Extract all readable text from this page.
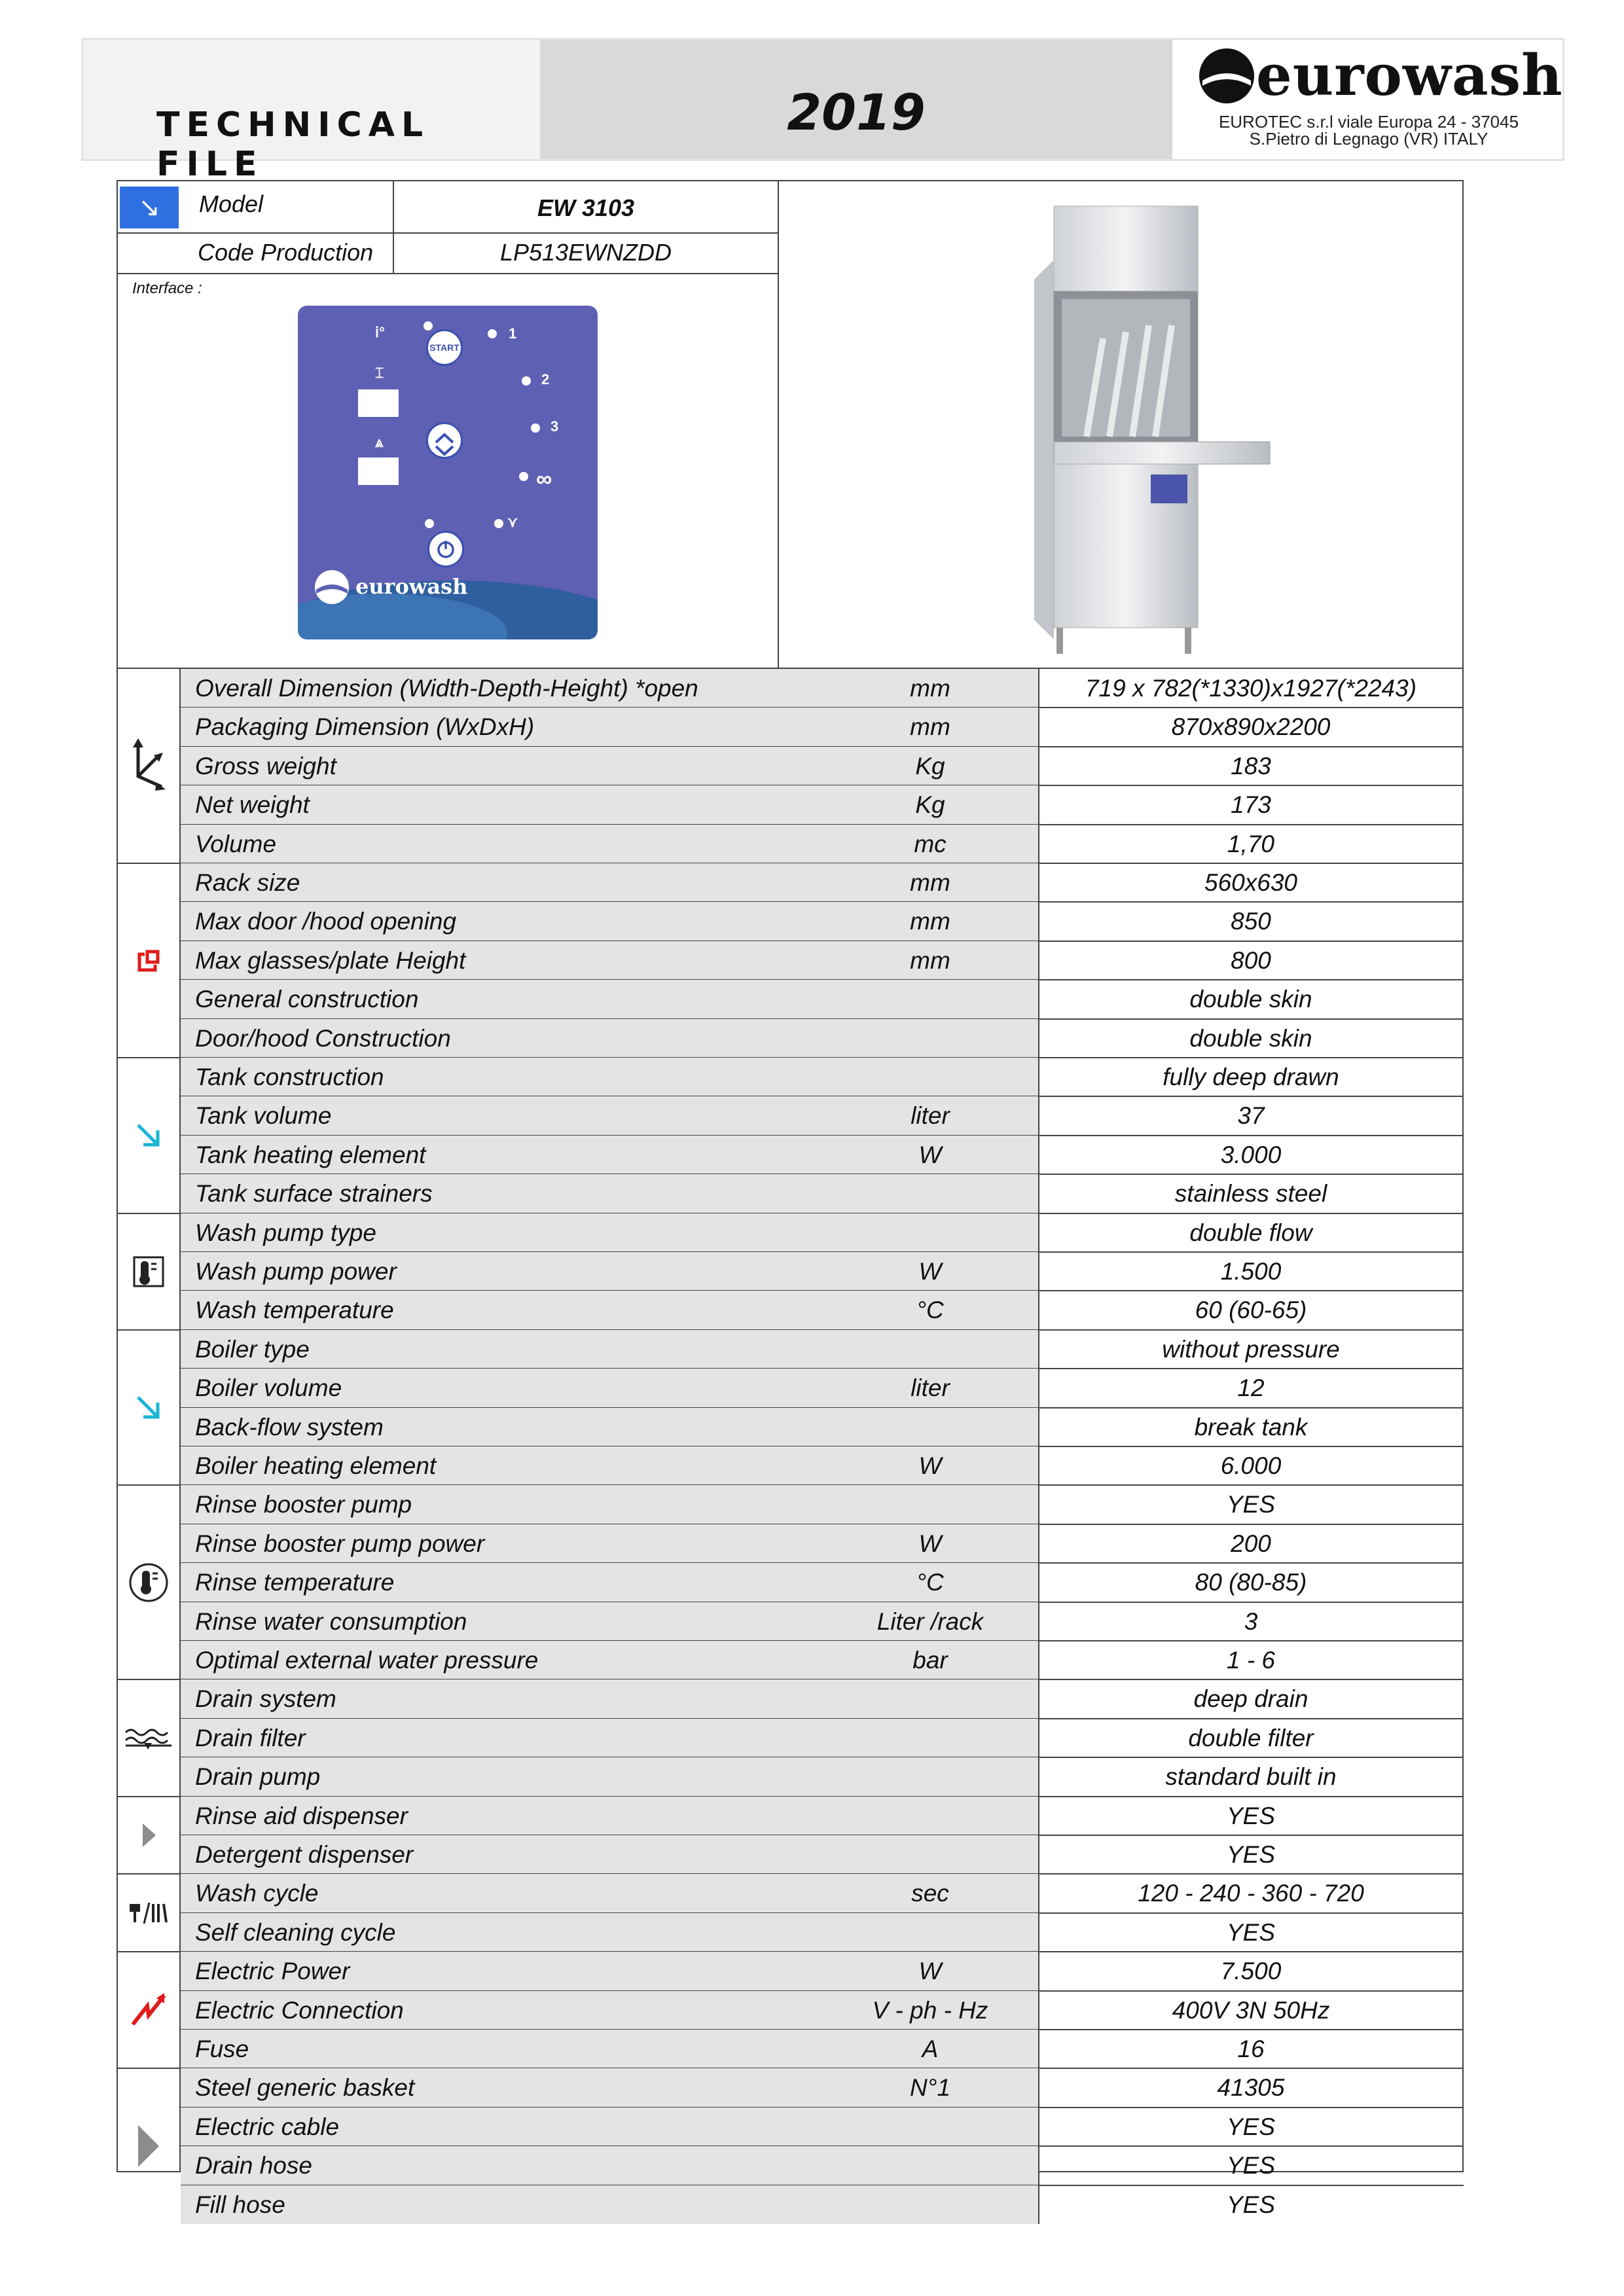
TECHNICAL FILE
2019
eurowash
EUROTEC s.r.l viale Europa 24 - 37045
S.Pietro di Legnago (VR) ITALY
↘	Model	EW 3103
Code Production	LP513EWNZDD
Interface :
ⅰ°
START
1
⌶	2
3
⩓
∞
⋎
eurowash
Overall Dimension (Width-Depth-Height) *open	mm	719 x 782(*1330)x1927(*2243)
Packaging Dimension (WxDxH)	mm	870x890x2200
Gross weight	Kg	183
Net weight	Kg	173
Volume	mc	1,70
Rack size	mm	560x630
Max door /hood opening	mm	850
Max glasses/plate Height	mm	800
General construction	double skin
Door/hood Construction	double skin
Tank construction	fully deep drawn
Tank volume	liter	37
Tank heating element	W	3.000
Tank surface strainers	stainless steel
Wash pump type	double flow
Wash pump power	W	1.500
Wash temperature	°C	60 (60-65)
Boiler type	without pressure
Boiler volume	liter	12
Back-flow system	break tank
Boiler heating element	W	6.000
Rinse booster pump	YES
Rinse booster pump power	W	200
Rinse temperature	°C	80 (80-85)
Rinse water consumption	Liter /rack	3
Optimal external water pressure	bar	1 - 6
Drain system	deep drain
Drain filter	double filter
Drain pump	standard built in
Rinse aid dispenser	YES
Detergent dispenser	YES
Wash cycle	sec	120 - 240 - 360 - 720
Self cleaning cycle	YES
Electric Power	W	7.500
Electric Connection	V - ph - Hz	400V 3N 50Hz
Fuse	A	16
Steel generic basket	N°1	41305
Electric cable	YES
Drain hose	YES
Fill hose	YES
